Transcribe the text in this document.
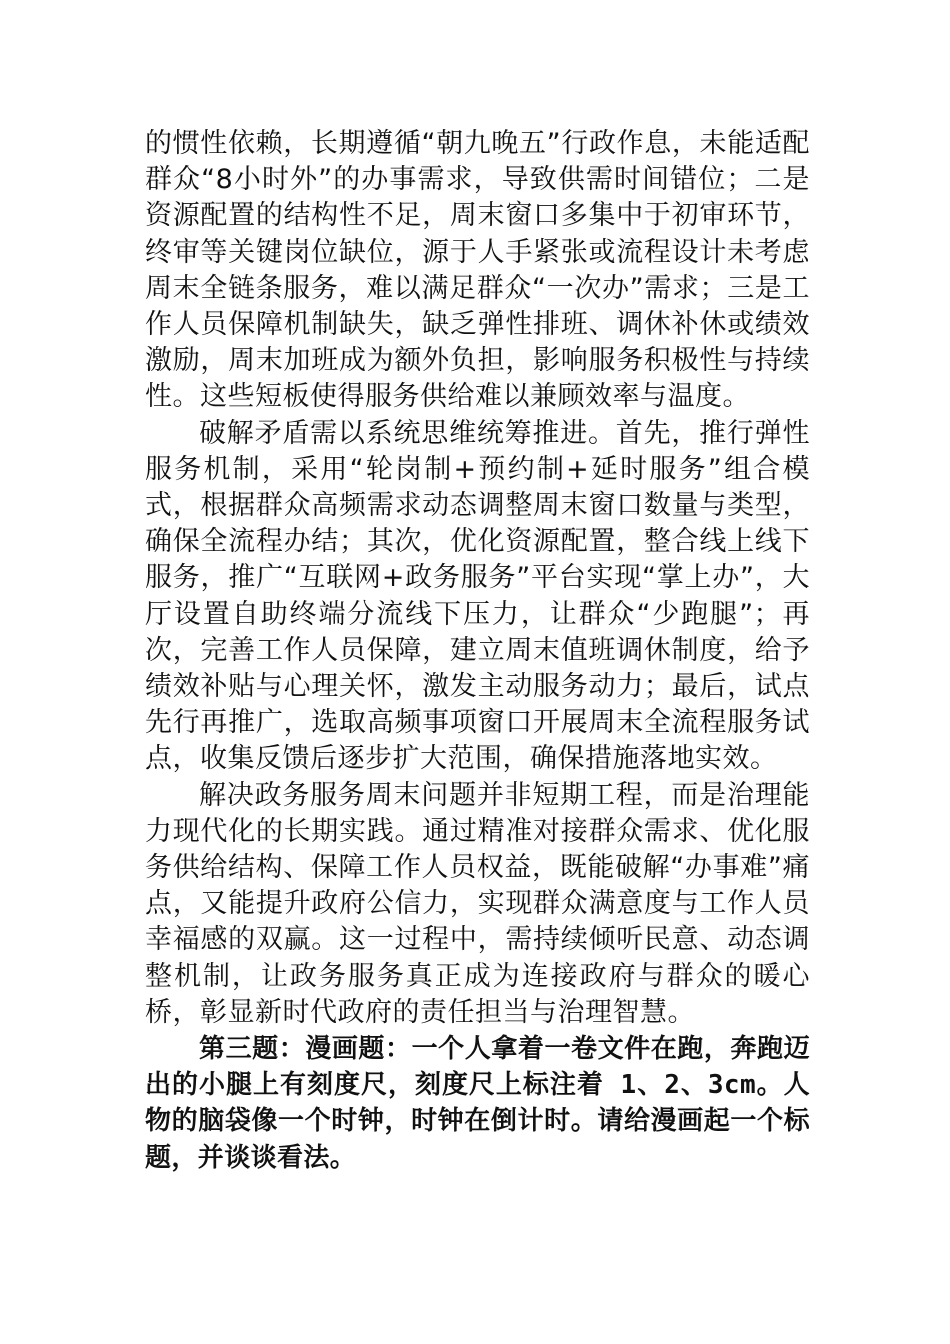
的惯性依赖，长期遵循“朝九晚五”行政作息，未能适配群众“8小时外”的办事需求，导致供需时间错位；二是资源配置的结构性不足，周末窗口多集中于初审环节，终审等关键岗位缺位，源于人手紧张或流程设计未考虑周末全链条服务，难以满足群众“一次办”需求；三是工作人员保障机制缺失，缺乏弹性排班、调休补休或绩效激励，周末加班成为额外负担，影响服务积极性与持续性。这些短板使得服务供给难以兼顾效率与温度。

破解矛盾需以系统思维统筹推进。首先，推行弹性服务机制，采用“轮岗制+预约制+延时服务”组合模式，根据群众高频需求动态调整周末窗口数量与类型，确保全流程办结；其次，优化资源配置，整合线上线下服务，推广“互联网+政务服务”平台实现“掌上办”，大厅设置自助终端分流线下压力，让群众“少跑腿”；再次，完善工作人员保障，建立周末值班调休制度，给予绩效补贴与心理关怀，激发主动服务动力；最后，试点先行再推广，选取高频事项窗口开展周末全流程服务试点，收集反馈后逐步扩大范围，确保措施落地实效。

解决政务服务周末问题并非短期工程，而是治理能力现代化的长期实践。通过精准对接群众需求、优化服务供给结构、保障工作人员权益，既能破解“办事难”痛点，又能提升政府公信力，实现群众满意度与工作人员幸福感的双赢。这一过程中，需持续倾听民意、动态调整机制，让政务服务真正成为连接政府与群众的暖心桥，彰显新时代政府的责任担当与治理智慧。

第三题：漫画题：一个人拿着一卷文件在跑，奔跑迈出的小腿上有刻度尺，刻度尺上标注着 1、2、3cm。人物的脑袋像一个时钟，时钟在倒计时。请给漫画起一个标题，并谈谈看法。
